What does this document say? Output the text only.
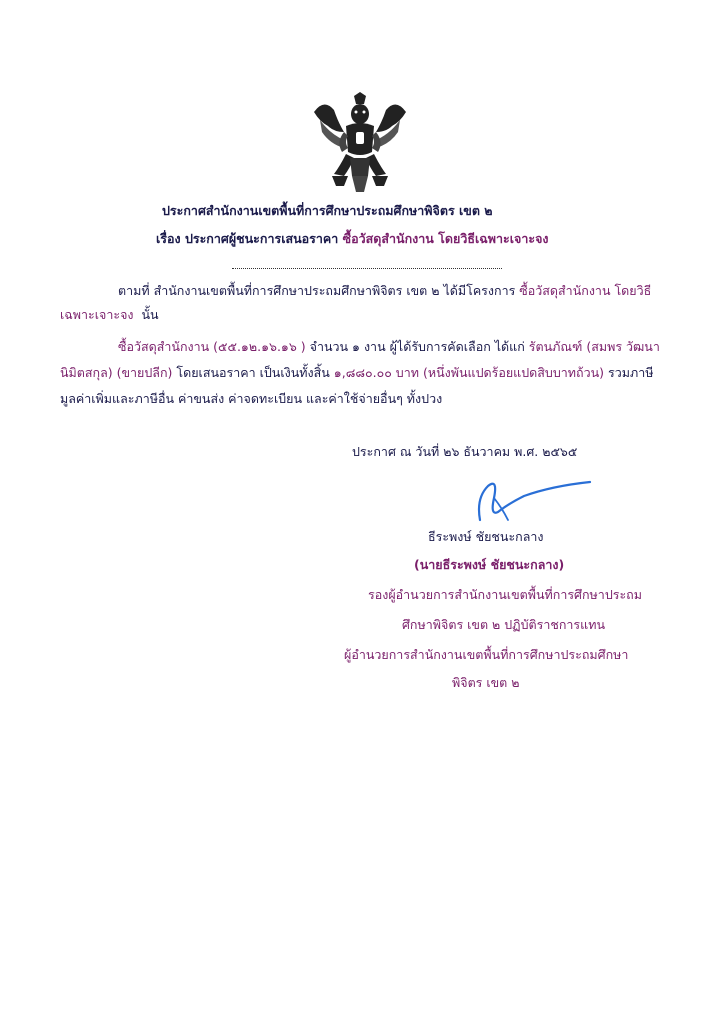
ประกาศสำนักงานเขตพื้นที่การศึกษาประถมศึกษาพิจิตร เขต ๒
เรื่อง ประกาศผู้ชนะการเสนอราคา ซื้อวัสดุสำนักงาน โดยวิธีเฉพาะเจาะจง
ตามที่ สำนักงานเขตพื้นที่การศึกษาประถมศึกษาพิจิตร เขต ๒ ได้มีโครงการ ซื้อวัสดุสำนักงาน โดยวิธี
เฉพาะเจาะจง นั้น
ซื้อวัสดุสำนักงาน (๕๕.๑๒.๑๖.๑๖ ) จำนวน ๑ งาน ผู้ได้รับการคัดเลือก ได้แก่ รัตนภัณฑ์ (สมพร วัฒนา
นิมิตสกุล) (ขายปลีก) โดยเสนอราคา เป็นเงินทั้งสิ้น ๑,๘๘๐.๐๐ บาท (หนึ่งพันแปดร้อยแปดสิบบาทถ้วน) รวมภาษี
มูลค่าเพิ่มและภาษีอื่น ค่าขนส่ง ค่าจดทะเบียน และค่าใช้จ่ายอื่นๆ ทั้งปวง
ประกาศ ณ วันที่ ๒๖ ธันวาคม พ.ศ. ๒๕๖๕
ธีระพงษ์ ชัยชนะกลาง
(นายธีระพงษ์ ชัยชนะกลาง)
รองผู้อำนวยการสำนักงานเขตพื้นที่การศึกษาประถม
ศึกษาพิจิตร เขต ๒ ปฏิบัติราชการแทน
ผู้อำนวยการสำนักงานเขตพื้นที่การศึกษาประถมศึกษา
พิจิตร เขต ๒
